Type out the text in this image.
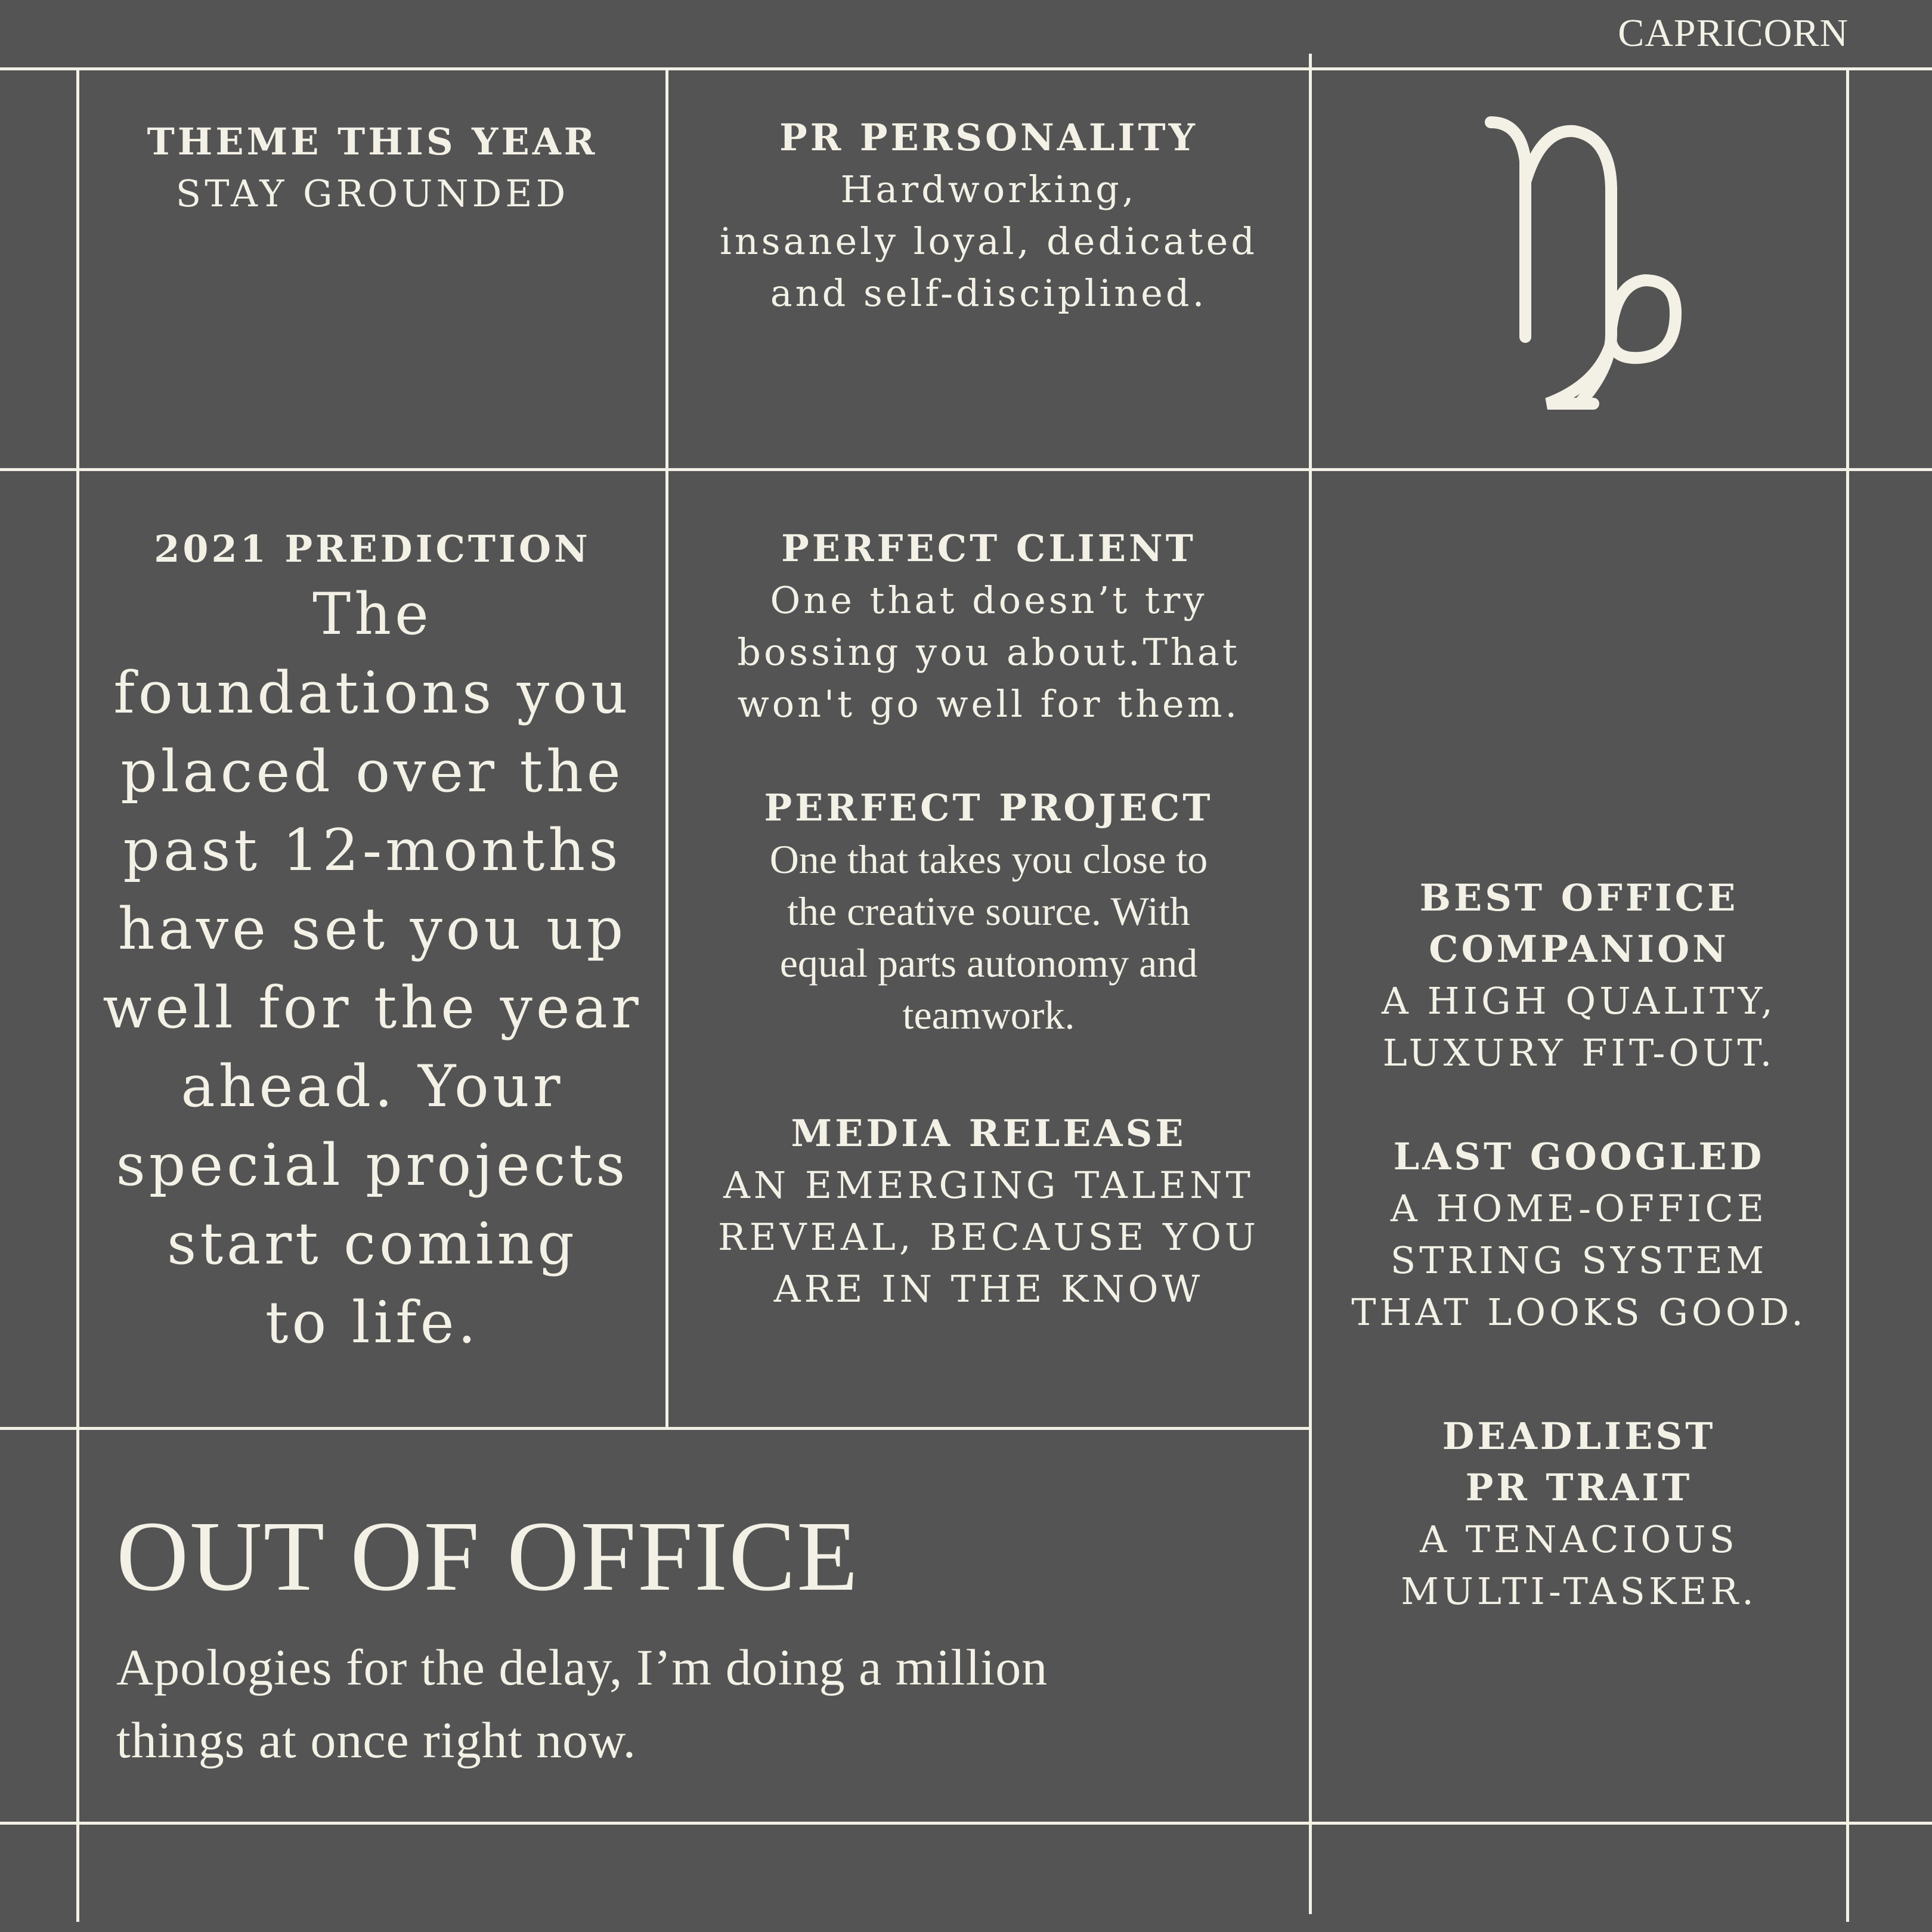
CAPRICORN
THEME THIS YEAR
STAY GROUNDED
PR PERSONALITY
Hardworking,
insanely loyal, dedicated
and self-disciplined.
2021 PREDICTION
The
foundations you
placed over the
past 12-months
have set you up
well for the year
ahead. Your
special projects
start coming
to life.
PERFECT CLIENT
One that doesn’t try
bossing you about.That
won't go well for them.
PERFECT PROJECT
One that takes you close to
the creative source. With
equal parts autonomy and
teamwork.
MEDIA RELEASE
AN EMERGING TALENT
REVEAL, BECAUSE YOU
ARE IN THE KNOW
BEST OFFICE
COMPANION
A HIGH QUALITY,
LUXURY FIT-OUT.
LAST GOOGLED
A HOME-OFFICE
STRING SYSTEM
THAT LOOKS GOOD.
DEADLIEST
PR TRAIT
A TENACIOUS
MULTI-TASKER.
OUT OF OFFICE
Apologies for the delay, I’m doing a million
things at once right now.
